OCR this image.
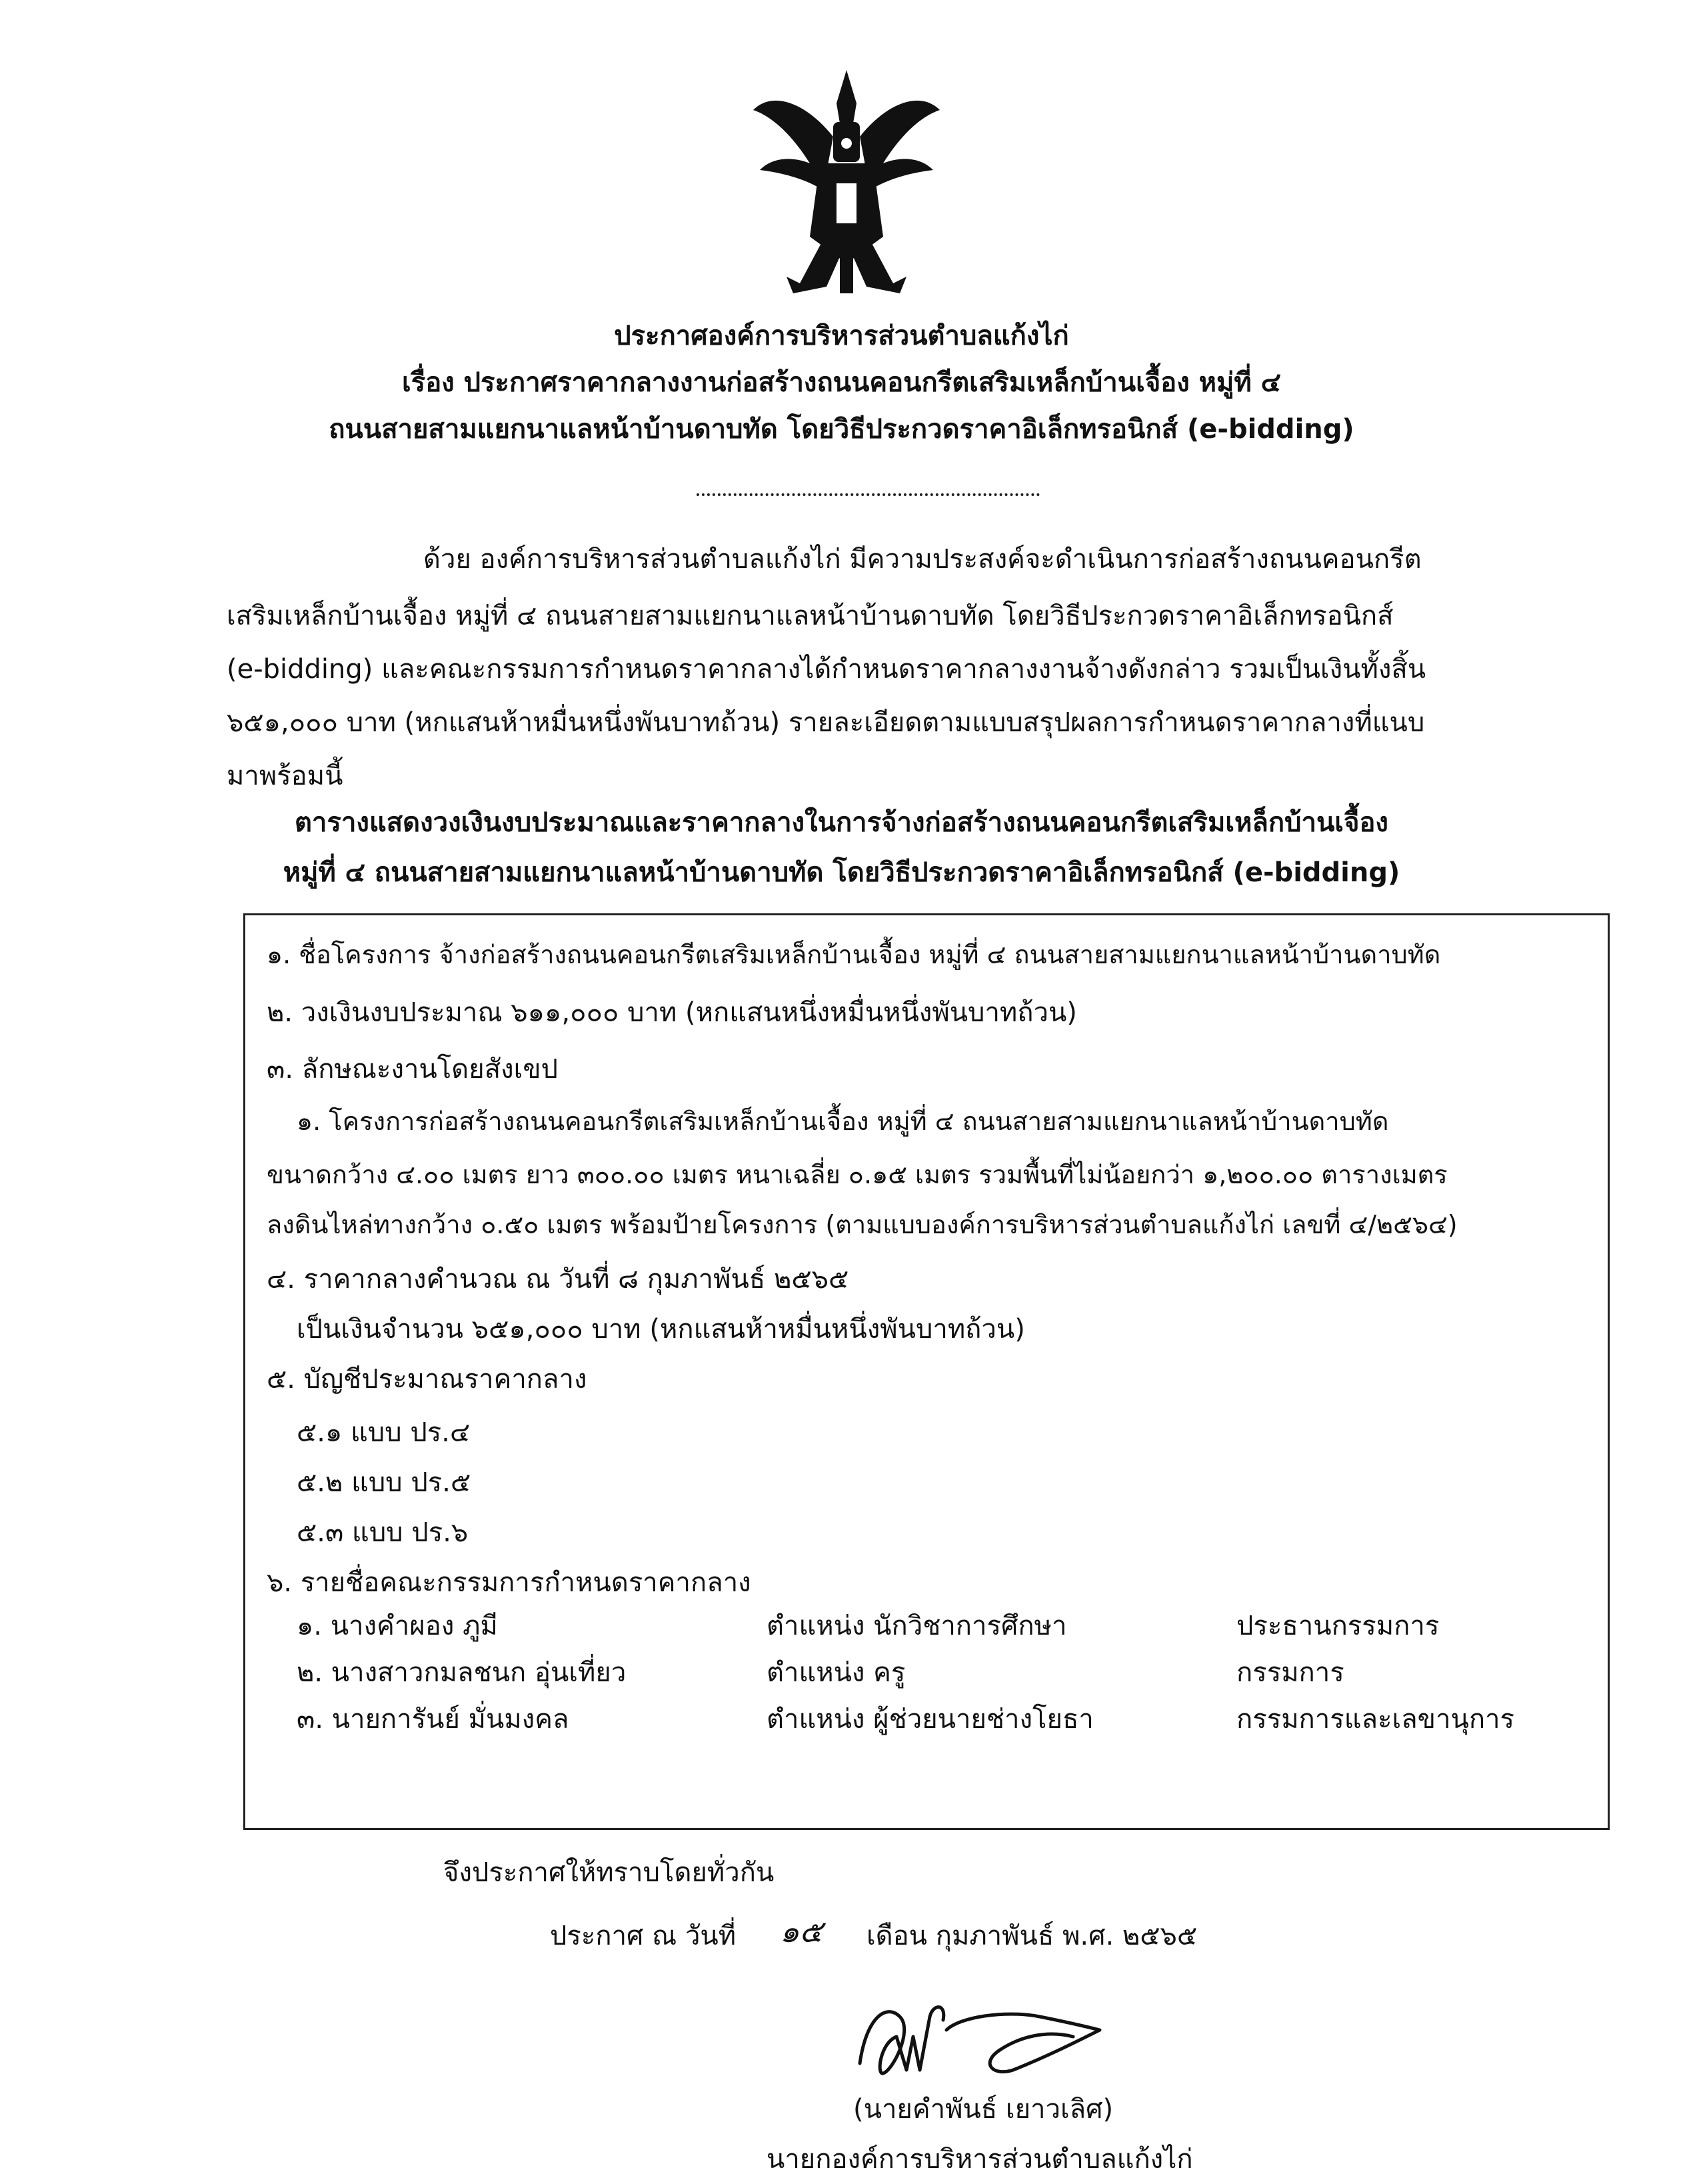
ประกาศองค์การบริหารส่วนตำบลแก้งไก่
เรื่อง ประกาศราคากลางงานก่อสร้างถนนคอนกรีตเสริมเหล็กบ้านเจื้อง หมู่ที่ ๔
ถนนสายสามแยกนาแลหน้าบ้านดาบทัด โดยวิธีประกวดราคาอิเล็กทรอนิกส์ (e-bidding)
ด้วย องค์การบริหารส่วนตำบลแก้งไก่ มีความประสงค์จะดำเนินการก่อสร้างถนนคอนกรีต
เสริมเหล็กบ้านเจื้อง หมู่ที่ ๔ ถนนสายสามแยกนาแลหน้าบ้านดาบทัด โดยวิธีประกวดราคาอิเล็กทรอนิกส์
(e-bidding) และคณะกรรมการกำหนดราคากลางได้กำหนดราคากลางงานจ้างดังกล่าว รวมเป็นเงินทั้งสิ้น
๖๕๑,๐๐๐ บาท (หกแสนห้าหมื่นหนึ่งพันบาทถ้วน) รายละเอียดตามแบบสรุปผลการกำหนดราคากลางที่แนบ
มาพร้อมนี้
ตารางแสดงวงเงินงบประมาณและราคากลางในการจ้างก่อสร้างถนนคอนกรีตเสริมเหล็กบ้านเจื้อง
หมู่ที่ ๔ ถนนสายสามแยกนาแลหน้าบ้านดาบทัด โดยวิธีประกวดราคาอิเล็กทรอนิกส์ (e-bidding)
๑. ชื่อโครงการ จ้างก่อสร้างถนนคอนกรีตเสริมเหล็กบ้านเจื้อง หมู่ที่ ๔ ถนนสายสามแยกนาแลหน้าบ้านดาบทัด
๒. วงเงินงบประมาณ ๖๑๑,๐๐๐ บาท (หกแสนหนึ่งหมื่นหนึ่งพันบาทถ้วน)
๓. ลักษณะงานโดยสังเขป
๑. โครงการก่อสร้างถนนคอนกรีตเสริมเหล็กบ้านเจื้อง หมู่ที่ ๔ ถนนสายสามแยกนาแลหน้าบ้านดาบทัด
ขนาดกว้าง ๔.๐๐ เมตร ยาว ๓๐๐.๐๐ เมตร หนาเฉลี่ย ๐.๑๕ เมตร รวมพื้นที่ไม่น้อยกว่า ๑,๒๐๐.๐๐ ตารางเมตร
ลงดินไหล่ทางกว้าง ๐.๕๐ เมตร พร้อมป้ายโครงการ (ตามแบบองค์การบริหารส่วนตำบลแก้งไก่ เลขที่ ๔/๒๕๖๔)
๔. ราคากลางคำนวณ ณ วันที่ ๘ กุมภาพันธ์ ๒๕๖๕
เป็นเงินจำนวน ๖๕๑,๐๐๐ บาท (หกแสนห้าหมื่นหนึ่งพันบาทถ้วน)
๕. บัญชีประมาณราคากลาง
๕.๑ แบบ ปร.๔
๕.๒ แบบ ปร.๕
๕.๓ แบบ ปร.๖
๖. รายชื่อคณะกรรมการกำหนดราคากลาง
๑. นางคำผอง ภูมี	ตำแหน่ง นักวิชาการศึกษา	ประธานกรรมการ
๒. นางสาวกมลชนก อุ่นเที่ยว	ตำแหน่ง ครู	กรรมการ
๓. นายการันย์ มั่นมงคล	ตำแหน่ง ผู้ช่วยนายช่างโยธา	กรรมการและเลขานุการ
จึงประกาศให้ทราบโดยทั่วกัน
ประกาศ ณ วันที่ ๑๕ เดือน กุมภาพันธ์ พ.ศ. ๒๕๖๕
(นายคำพันธ์ เยาวเลิศ)
นายกองค์การบริหารส่วนตำบลแก้งไก่
